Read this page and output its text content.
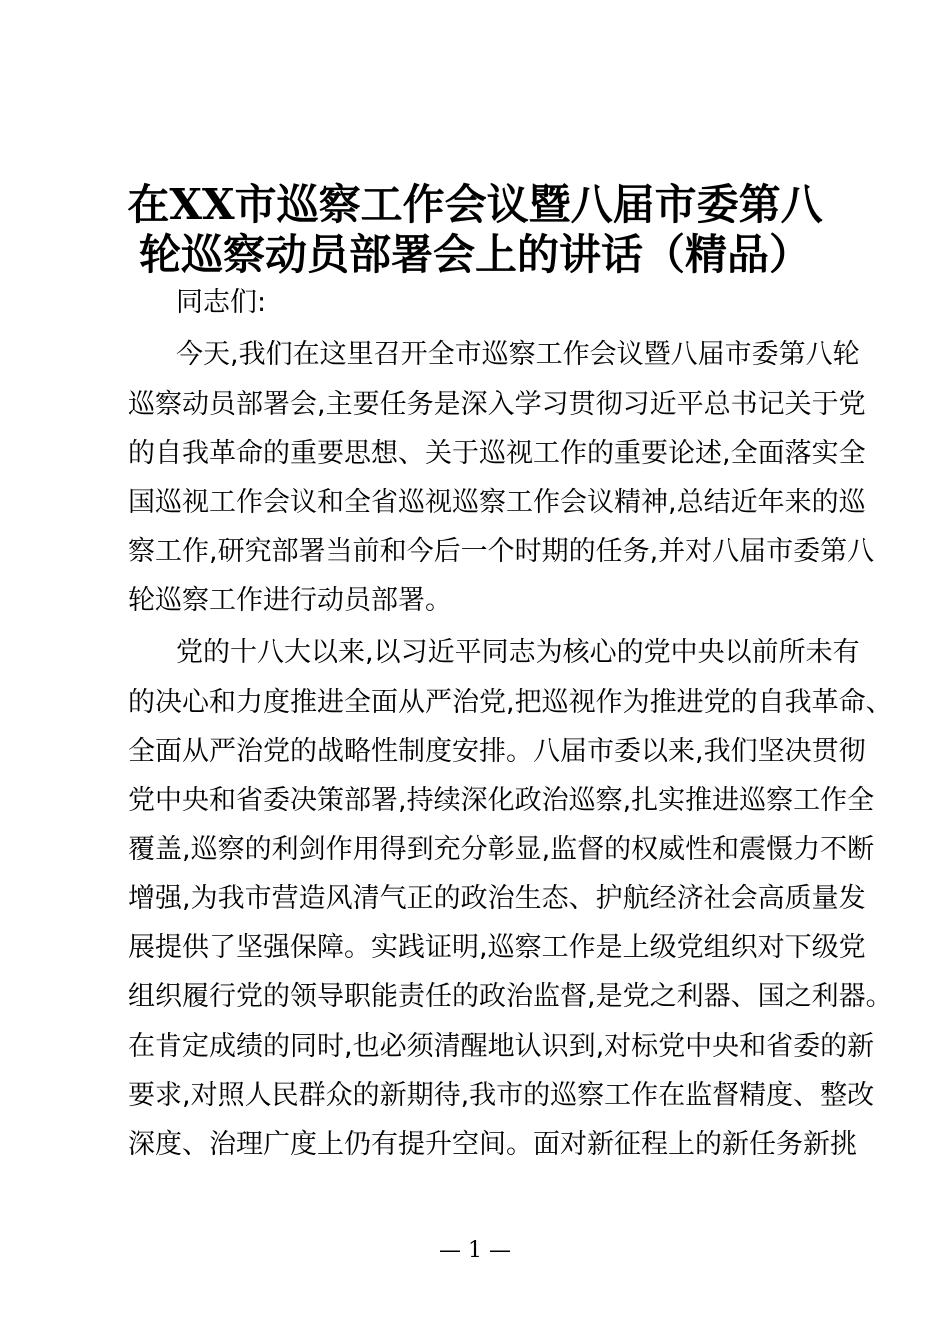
在XX市巡察工作会议暨八届市委第八
轮巡察动员部署会上的讲话（精品）
同志们:
今天,我们在这里召开全市巡察工作会议暨八届市委第八轮
巡察动员部署会,主要任务是深入学习贯彻习近平总书记关于党
的自我革命的重要思想、关于巡视工作的重要论述,全面落实全
国巡视工作会议和全省巡视巡察工作会议精神,总结近年来的巡
察工作,研究部署当前和今后一个时期的任务,并对八届市委第八
轮巡察工作进行动员部署。
党的十八大以来,以习近平同志为核心的党中央以前所未有
的决心和力度推进全面从严治党,把巡视作为推进党的自我革命、
全面从严治党的战略性制度安排。八届市委以来,我们坚决贯彻
党中央和省委决策部署,持续深化政治巡察,扎实推进巡察工作全
覆盖,巡察的利剑作用得到充分彰显,监督的权威性和震慑力不断
增强,为我市营造风清气正的政治生态、护航经济社会高质量发
展提供了坚强保障。实践证明,巡察工作是上级党组织对下级党
组织履行党的领导职能责任的政治监督,是党之利器、国之利器。
在肯定成绩的同时,也必须清醒地认识到,对标党中央和省委的新
要求,对照人民群众的新期待,我市的巡察工作在监督精度、整改
深度、治理广度上仍有提升空间。面对新征程上的新任务新挑
— 1 —
